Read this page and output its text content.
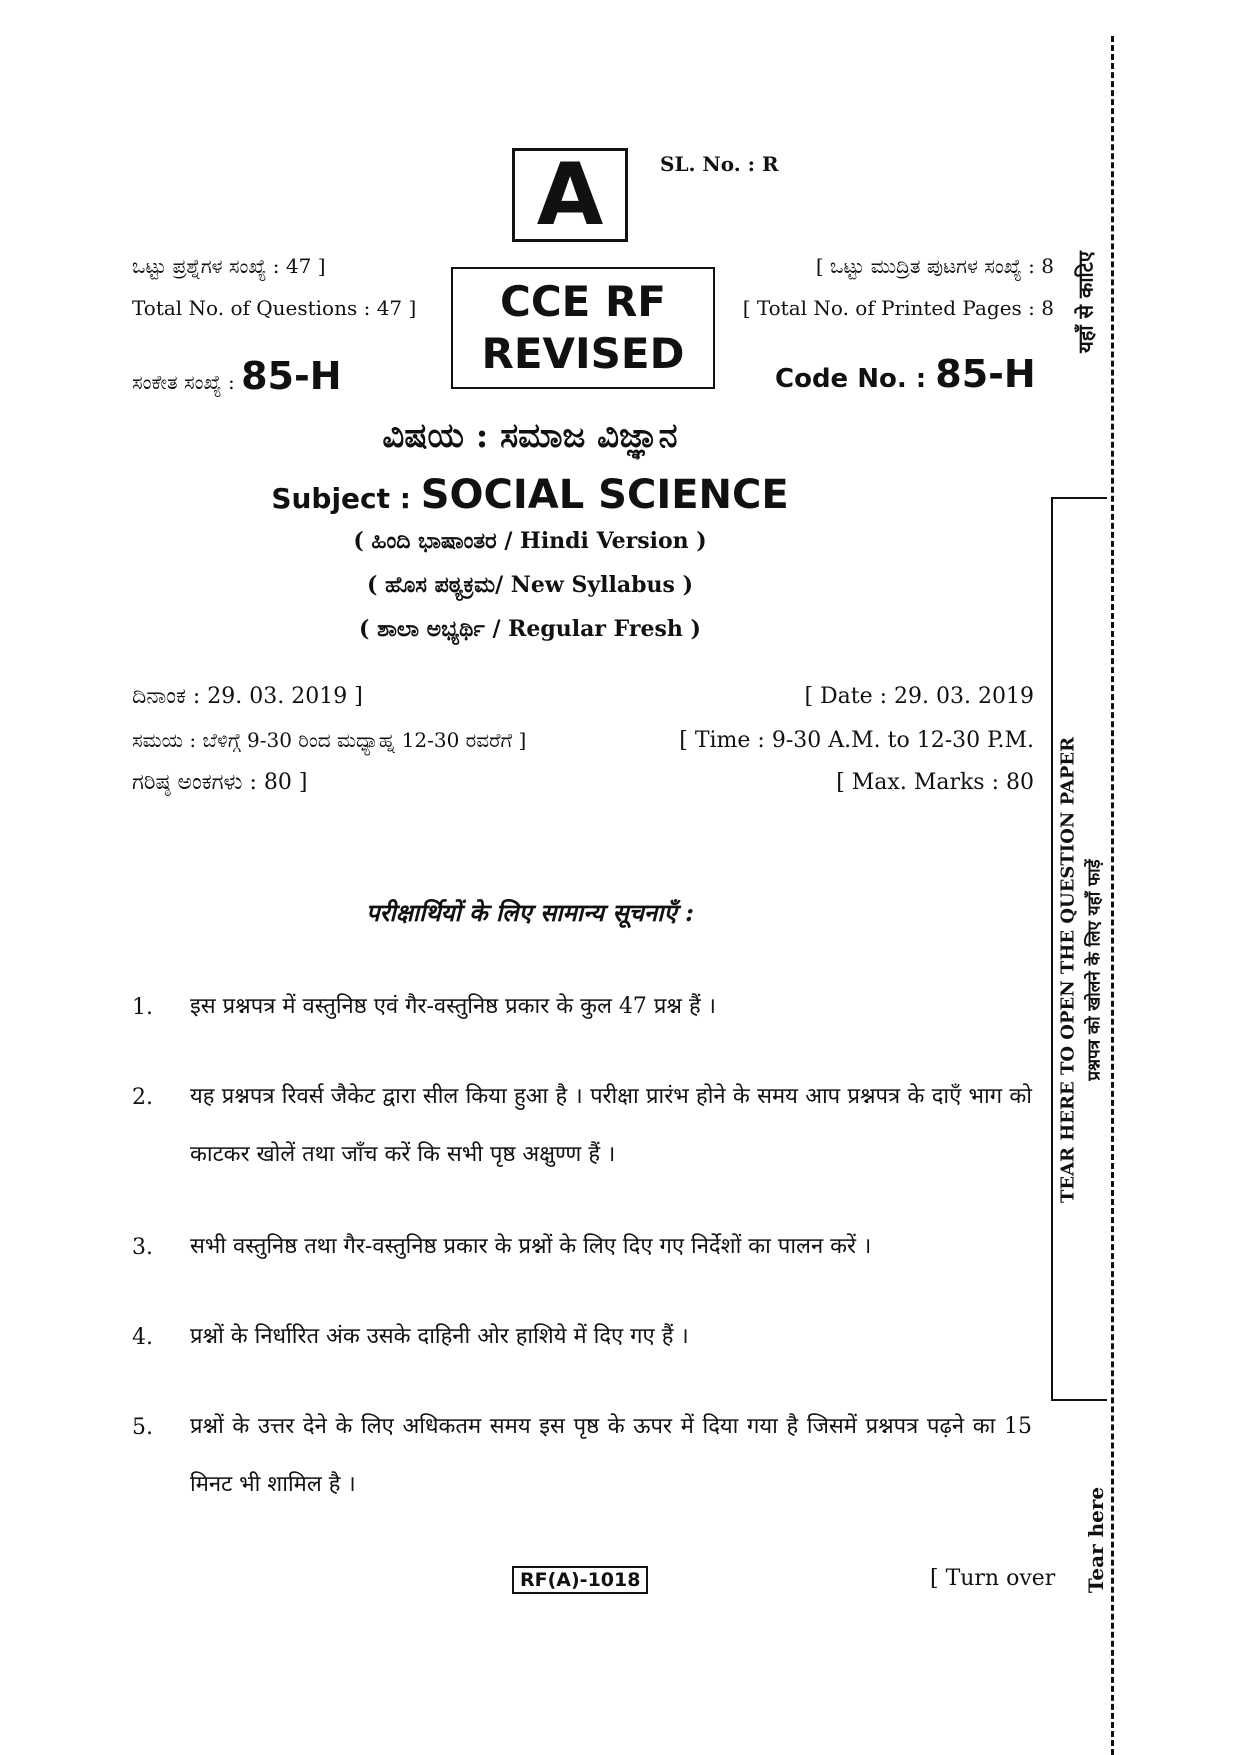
A	SL. No. : R
ಒಟ್ಟು ಪ್ರಶ್ನೆಗಳ ಸಂಖ್ಯೆ : 47 ]
Total No. of Questions : 47 ]
[ ಒಟ್ಟು ಮುದ್ರಿತ ಪುಟಗಳ ಸಂಖ್ಯೆ : 8
[ Total No. of Printed Pages : 8
CCE RF
REVISED
ಸಂಕೇತ ಸಂಖ್ಯೆ : 85-H	Code No. : 85-H
ವಿಷಯ : ಸಮಾಜ ವಿಜ್ಞಾನ
Subject : SOCIAL SCIENCE
( ಹಿಂದಿ ಭಾಷಾಂತರ / Hindi Version )
( ಹೊಸ ಪಠ್ಯಕ್ರಮ/ New Syllabus )
( ಶಾಲಾ ಅಭ್ಯರ್ಥಿ / Regular Fresh )
ದಿನಾಂಕ : 29. 03. 2019 ]	[ Date : 29. 03. 2019
ಸಮಯ : ಬೆಳಿಗ್ಗೆ 9-30 ರಿಂದ ಮಧ್ಯಾಹ್ನ 12-30 ರವರೆಗೆ ]	[ Time : 9-30 A.M. to 12-30 P.M.
ಗರಿಷ್ಠ ಅಂಕಗಳು : 80 ]	[ Max. Marks : 80
परीक्षार्थियों के लिए सामान्य सूचनाएँ :
1. इस प्रश्नपत्र में वस्तुनिष्ठ एवं गैर-वस्तुनिष्ठ प्रकार के कुल 47 प्रश्न हैं ।
2. यह प्रश्नपत्र रिवर्स जैकेट द्वारा सील किया हुआ है । परीक्षा प्रारंभ होने के समय आप प्रश्नपत्र के दाएँ भाग को काटकर खोलें तथा जाँच करें कि सभी पृष्ठ अक्षुण्ण हैं ।
3. सभी वस्तुनिष्ठ तथा गैर-वस्तुनिष्ठ प्रकार के प्रश्नों के लिए दिए गए निर्देशों का पालन करें ।
4. प्रश्नों के निर्धारित अंक उसके दाहिनी ओर हाशिये में दिए गए हैं ।
5. प्रश्नों के उत्तर देने के लिए अधिकतम समय इस पृष्ठ के ऊपर में दिया गया है जिसमें प्रश्नपत्र पढ़ने का 15 मिनट भी शामिल है ।
RF(A)-1018	[ Turn over
यहाँ से काटिए
TEAR HERE TO OPEN THE QUESTION PAPER प्रश्नपत्र को खोलने के लिए यहाँ फाड़ें
Tear here
